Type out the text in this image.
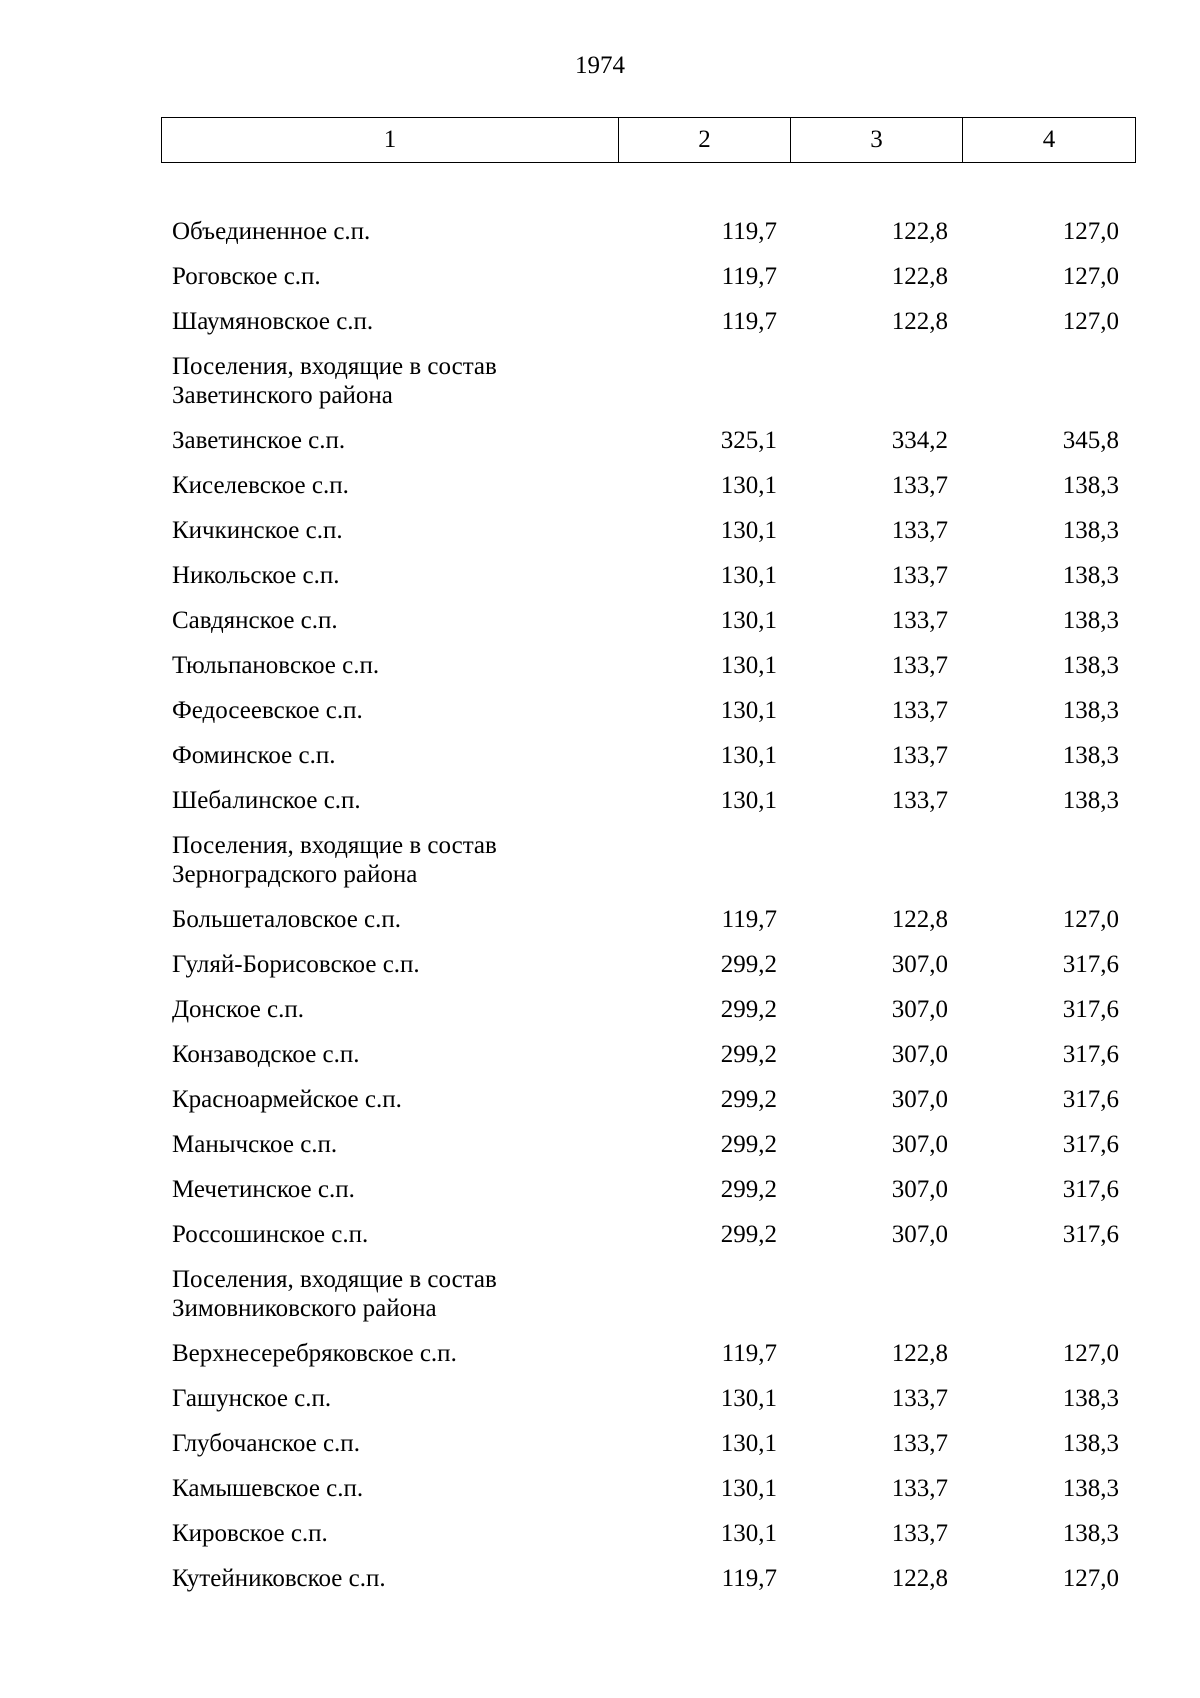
1974
1	2	3	4
Объединенное с.п.	119,7	122,8	127,0
Роговское с.п.	119,7	122,8	127,0
Шаумяновское с.п.	119,7	122,8	127,0
Поселения, входящие в состав Заветинского района
Заветинское с.п.	325,1	334,2	345,8
Киселевское с.п.	130,1	133,7	138,3
Кичкинское с.п.	130,1	133,7	138,3
Никольское с.п.	130,1	133,7	138,3
Савдянское с.п.	130,1	133,7	138,3
Тюльпановское с.п.	130,1	133,7	138,3
Федосеевское с.п.	130,1	133,7	138,3
Фоминское с.п.	130,1	133,7	138,3
Шебалинское с.п.	130,1	133,7	138,3
Поселения, входящие в состав Зерноградского района
Большеталовское с.п.	119,7	122,8	127,0
Гуляй-Борисовское с.п.	299,2	307,0	317,6
Донское с.п.	299,2	307,0	317,6
Конзаводское с.п.	299,2	307,0	317,6
Красноармейское с.п.	299,2	307,0	317,6
Манычское с.п.	299,2	307,0	317,6
Мечетинское с.п.	299,2	307,0	317,6
Россошинское с.п.	299,2	307,0	317,6
Поселения, входящие в состав Зимовниковского района
Верхнесеребряковское с.п.	119,7	122,8	127,0
Гашунское с.п.	130,1	133,7	138,3
Глубочанское с.п.	130,1	133,7	138,3
Камышевское с.п.	130,1	133,7	138,3
Кировское с.п.	130,1	133,7	138,3
Кутейниковское с.п.	119,7	122,8	127,0
